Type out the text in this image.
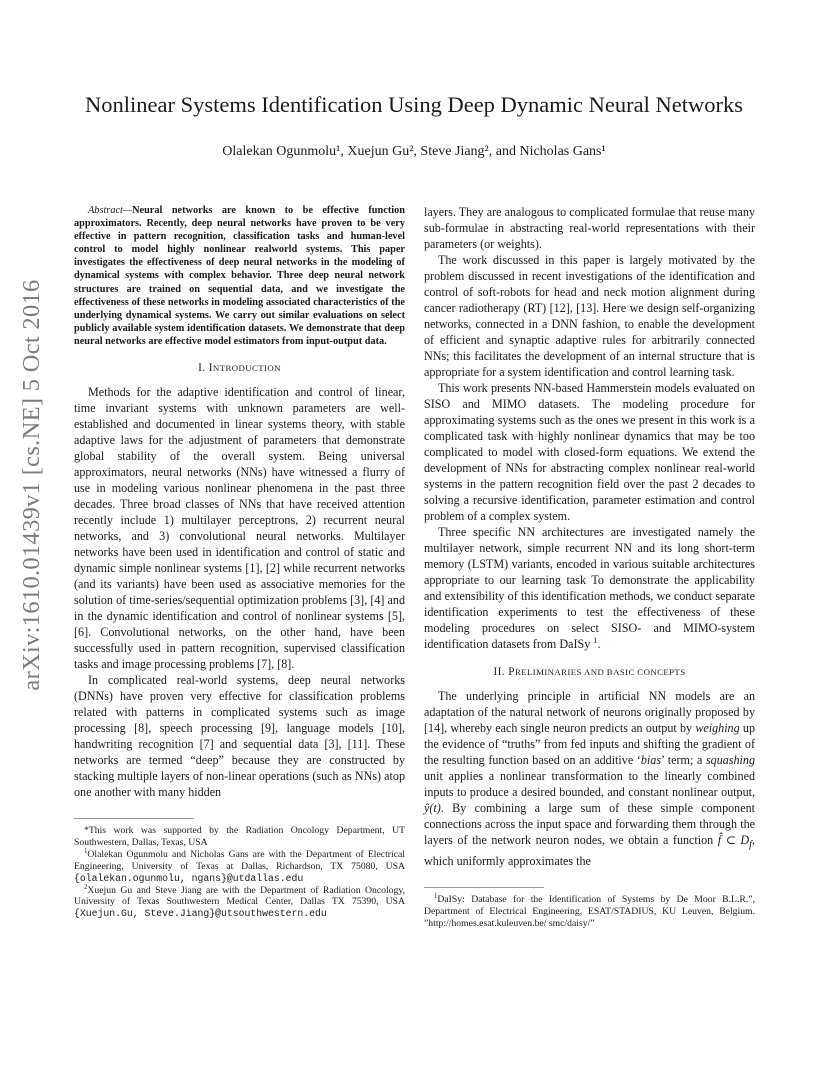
arXiv:1610.01439v1 [cs.NE] 5 Oct 2016
Nonlinear Systems Identification Using Deep Dynamic Neural Networks
Olalekan Ogunmolu¹, Xuejun Gu², Steve Jiang², and Nicholas Gans¹

Abstract—Neural networks are known to be effective function approximators. Recently, deep neural networks have proven to be very effective in pattern recognition, classification tasks and human-level control to model highly nonlinear realworld systems. This paper investigates the effectiveness of deep neural networks in the modeling of dynamical systems with complex behavior. Three deep neural network structures are trained on sequential data, and we investigate the effectiveness of these networks in modeling associated characteristics of the underlying dynamical systems. We carry out similar evaluations on select publicly available system identification datasets. We demonstrate that deep neural networks are effective model estimators from input-output data.

I. INTRODUCTION

Methods for the adaptive identification and control of linear, time invariant systems with unknown parameters are well-established and documented in linear systems theory, with stable adaptive laws for the adjustment of parameters that demonstrate global stability of the overall system. Being universal approximators, neural networks (NNs) have witnessed a flurry of use in modeling various nonlinear phenomena in the past three decades. Three broad classes of NNs that have received attention recently include 1) multilayer perceptrons, 2) recurrent neural networks, and 3) convolutional neural networks. Multilayer networks have been used in identification and control of static and dynamic simple nonlinear systems [1], [2] while recurrent networks (and its variants) have been used as associative memories for the solution of time-series/sequential optimization problems [3], [4] and in the dynamic identification and control of nonlinear systems [5], [6]. Convolutional networks, on the other hand, have been successfully used in pattern recognition, supervised classification tasks and image processing problems [7], [8].

In complicated real-world systems, deep neural networks (DNNs) have proven very effective for classification problems related with patterns in complicated systems such as image processing [8], speech processing [9], language models [10], handwriting recognition [7] and sequential data [3], [11]. These networks are termed “deep” because they are constructed by stacking multiple layers of non-linear operations (such as NNs) atop one another with many hidden

*This work was supported by the Radiation Oncology Department, UT Southwestern, Dallas, Texas, USA

$^1$Olalekan Ogunmolu and Nicholas Gans are with the Department of Electrical Engineering, University of Texas at Dallas, Richardson, TX 75080, USA {olalekan.ogunmolu, ngans}@utdallas.edu

$^2$Xuejun Gu and Steve Jiang are with the Department of Radiation Oncology, University of Texas Southwestern Medical Center, Dallas TX 75390, USA {Xuejun.Gu, Steve.Jiang}@utsouthwestern.edu

layers. They are analogous to complicated formulae that reuse many sub-formulae in abstracting real-world representations with their parameters (or weights).

The work discussed in this paper is largely motivated by the problem discussed in recent investigations of the identification and control of soft-robots for head and neck motion alignment during cancer radiotherapy (RT) [12], [13]. Here we design self-organizing networks, connected in a DNN fashion, to enable the development of efficient and synaptic adaptive rules for arbitrarily connected NNs; this facilitates the development of an internal structure that is appropriate for a system identification and control learning task.

This work presents NN-based Hammerstein models evaluated on SISO and MIMO datasets. The modeling procedure for approximating systems such as the ones we present in this work is a complicated task with highly nonlinear dynamics that may be too complicated to model with closed-form equations. We extend the development of NNs for abstracting complex nonlinear real-world systems in the pattern recognition field over the past 2 decades to solving a recursive identification, parameter estimation and control problem of a complex system.

Three specific NN architectures are investigated namely the multilayer network, simple recurrent NN and its long short-term memory (LSTM) variants, encoded in various suitable architectures appropriate to our learning task To demonstrate the applicability and extensibility of this identification methods, we conduct separate identification experiments to test the effectiveness of these modeling procedures on select SISO- and MIMO-system identification datasets from DaISy $^1$.

II. PRELIMINARIES AND BASIC CONCEPTS

The underlying principle in artificial NN models are an adaptation of the natural network of neurons originally proposed by [14], whereby each single neuron predicts an output by weighing up the evidence of “truths” from fed inputs and shifting the gradient of the resulting function based on an additive ‘bias’ term; a squashing unit applies a nonlinear transformation to the linearly combined inputs to produce a desired bounded, and constant nonlinear output, ŷ(t). By combining a large sum of these simple component connections across the input space and forwarding them through the layers of the network neuron nodes, we obtain a function f̂ ⊂ $D_f$, which uniformly approximates the

$^1$DaISy: Database for the Identification of Systems by De Moor B.L.R.”, Department of Electrical Engineering, ESAT/STADIUS, KU Leuven, Belgium. ”http://homes.esat.kuleuven.be/ smc/daisy/”
